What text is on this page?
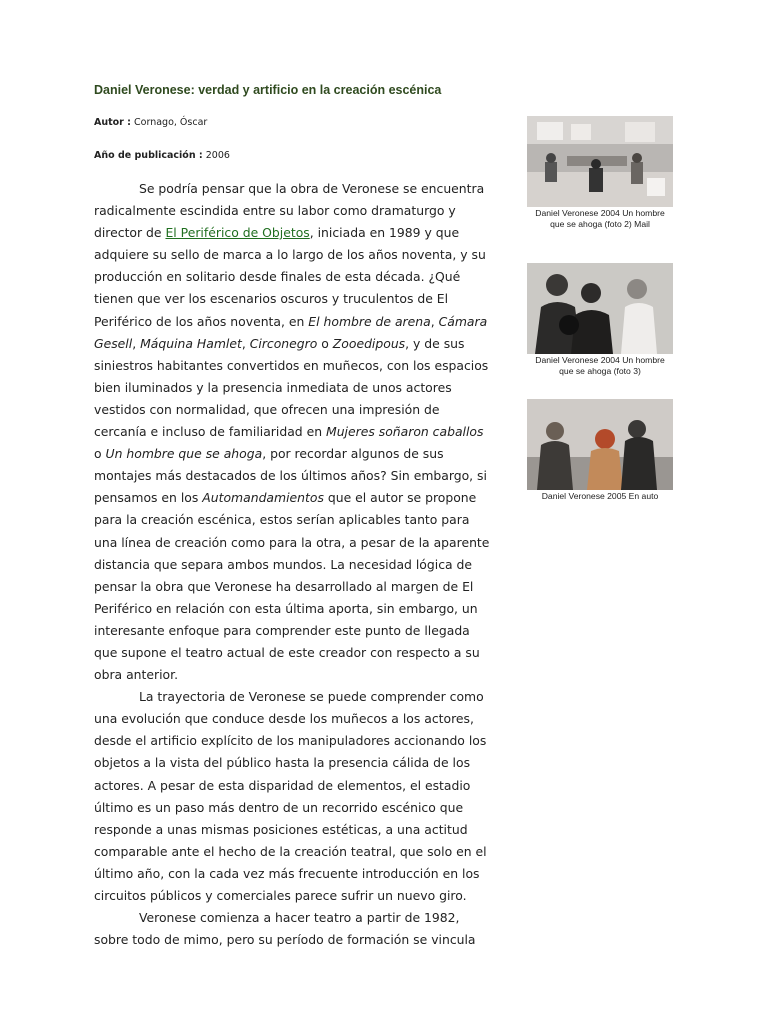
Daniel Veronese: verdad y artificio en la creación escénica
Autor : Cornago, Óscar
Año de publicación : 2006

Se podría pensar que la obra de Veronese se encuentra radicalmente escindida entre su labor como dramaturgo y director de El Periférico de Objetos, iniciada en 1989 y que adquiere su sello de marca a lo largo de los años noventa, y su producción en solitario desde finales de esta década. ¿Qué tienen que ver los escenarios oscuros y truculentos de El Periférico de los años noventa, en El hombre de arena, Cámara Gesell, Máquina Hamlet, Circonegro o Zooedipous, y de sus siniestros habitantes convertidos en muñecos, con los espacios bien iluminados y la presencia inmediata de unos actores vestidos con normalidad, que ofrecen una impresión de cercanía e incluso de familiaridad en Mujeres soñaron caballos o Un hombre que se ahoga, por recordar algunos de sus montajes más destacados de los últimos años? Sin embargo, si pensamos en los Automandamientos que el autor se propone para la creación escénica, estos serían aplicables tanto para una línea de creación como para la otra, a pesar de la aparente distancia que separa ambos mundos. La necesidad lógica de pensar la obra que Veronese ha desarrollado al margen de El Periférico en relación con esta última aporta, sin embargo, un interesante enfoque para comprender este punto de llegada que supone el teatro actual de este creador con respecto a su obra anterior.

La trayectoria de Veronese se puede comprender como una evolución que conduce desde los muñecos a los actores, desde el artificio explícito de los manipuladores accionando los objetos a la vista del público hasta la presencia cálida de los actores. A pesar de esta disparidad de elementos, el estadio último es un paso más dentro de un recorrido escénico que responde a unas mismas posiciones estéticas, a una actitud comparable ante el hecho de la creación teatral, que solo en el último año, con la cada vez más frecuente introducción en los circuitos públicos y comerciales parece sufrir un nuevo giro.

Veronese comienza a hacer teatro a partir de 1982, sobre todo de mimo, pero su período de formación se vincula

Daniel Veronese 2004 Un hombre que se ahoga (foto 2) Mail
Daniel Veronese 2004 Un hombre que se ahoga (foto 3)
Daniel Veronese 2005 En auto
